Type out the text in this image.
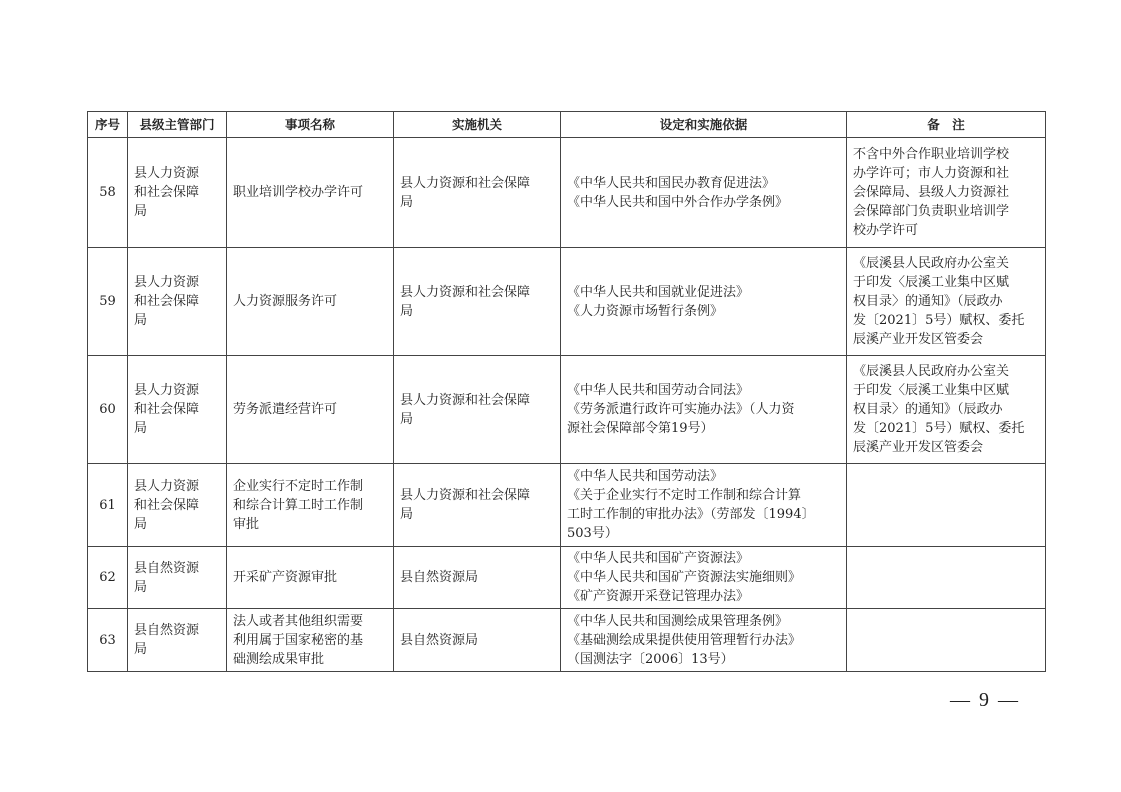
序号	县级主管部门	事项名称	实施机关	设定和实施依据	备　注
58	县人力资源
和社会保障
局	职业培训学校办学许可	县人力资源和社会保障
局	《中华人民共和国民办教育促进法》
《中华人民共和国中外合作办学条例》	不含中外合作职业培训学校
办学许可；市人力资源和社
会保障局、县级人力资源社
会保障部门负责职业培训学
校办学许可

59	县人力资源
和社会保障
局	人力资源服务许可	县人力资源和社会保障
局	《中华人民共和国就业促进法》
《人力资源市场暂行条例》	《辰溪县人民政府办公室关
于印发〈辰溪工业集中区赋
权目录〉的通知》（辰政办
发〔2021〕5号）赋权、委托
辰溪产业开发区管委会

60	县人力资源
和社会保障
局	劳务派遣经营许可	县人力资源和社会保障
局	《中华人民共和国劳动合同法》
《劳务派遣行政许可实施办法》（人力资
源社会保障部令第19号）	《辰溪县人民政府办公室关
于印发〈辰溪工业集中区赋
权目录〉的通知》（辰政办
发〔2021〕5号）赋权、委托
辰溪产业开发区管委会

61	县人力资源
和社会保障
局	企业实行不定时工作制
和综合计算工时工作制
审批	县人力资源和社会保障
局	《中华人民共和国劳动法》
《关于企业实行不定时工作制和综合计算
工时工作制的审批办法》（劳部发〔1994〕
503号）	

62	县自然资源
局	开采矿产资源审批	县自然资源局	《中华人民共和国矿产资源法》
《中华人民共和国矿产资源法实施细则》
《矿产资源开采登记管理办法》	

63	县自然资源
局	法人或者其他组织需要
利用属于国家秘密的基
础测绘成果审批	县自然资源局	《中华人民共和国测绘成果管理条例》
《基础测绘成果提供使用管理暂行办法》
（国测法字〔2006〕13号）	

— 9 —
